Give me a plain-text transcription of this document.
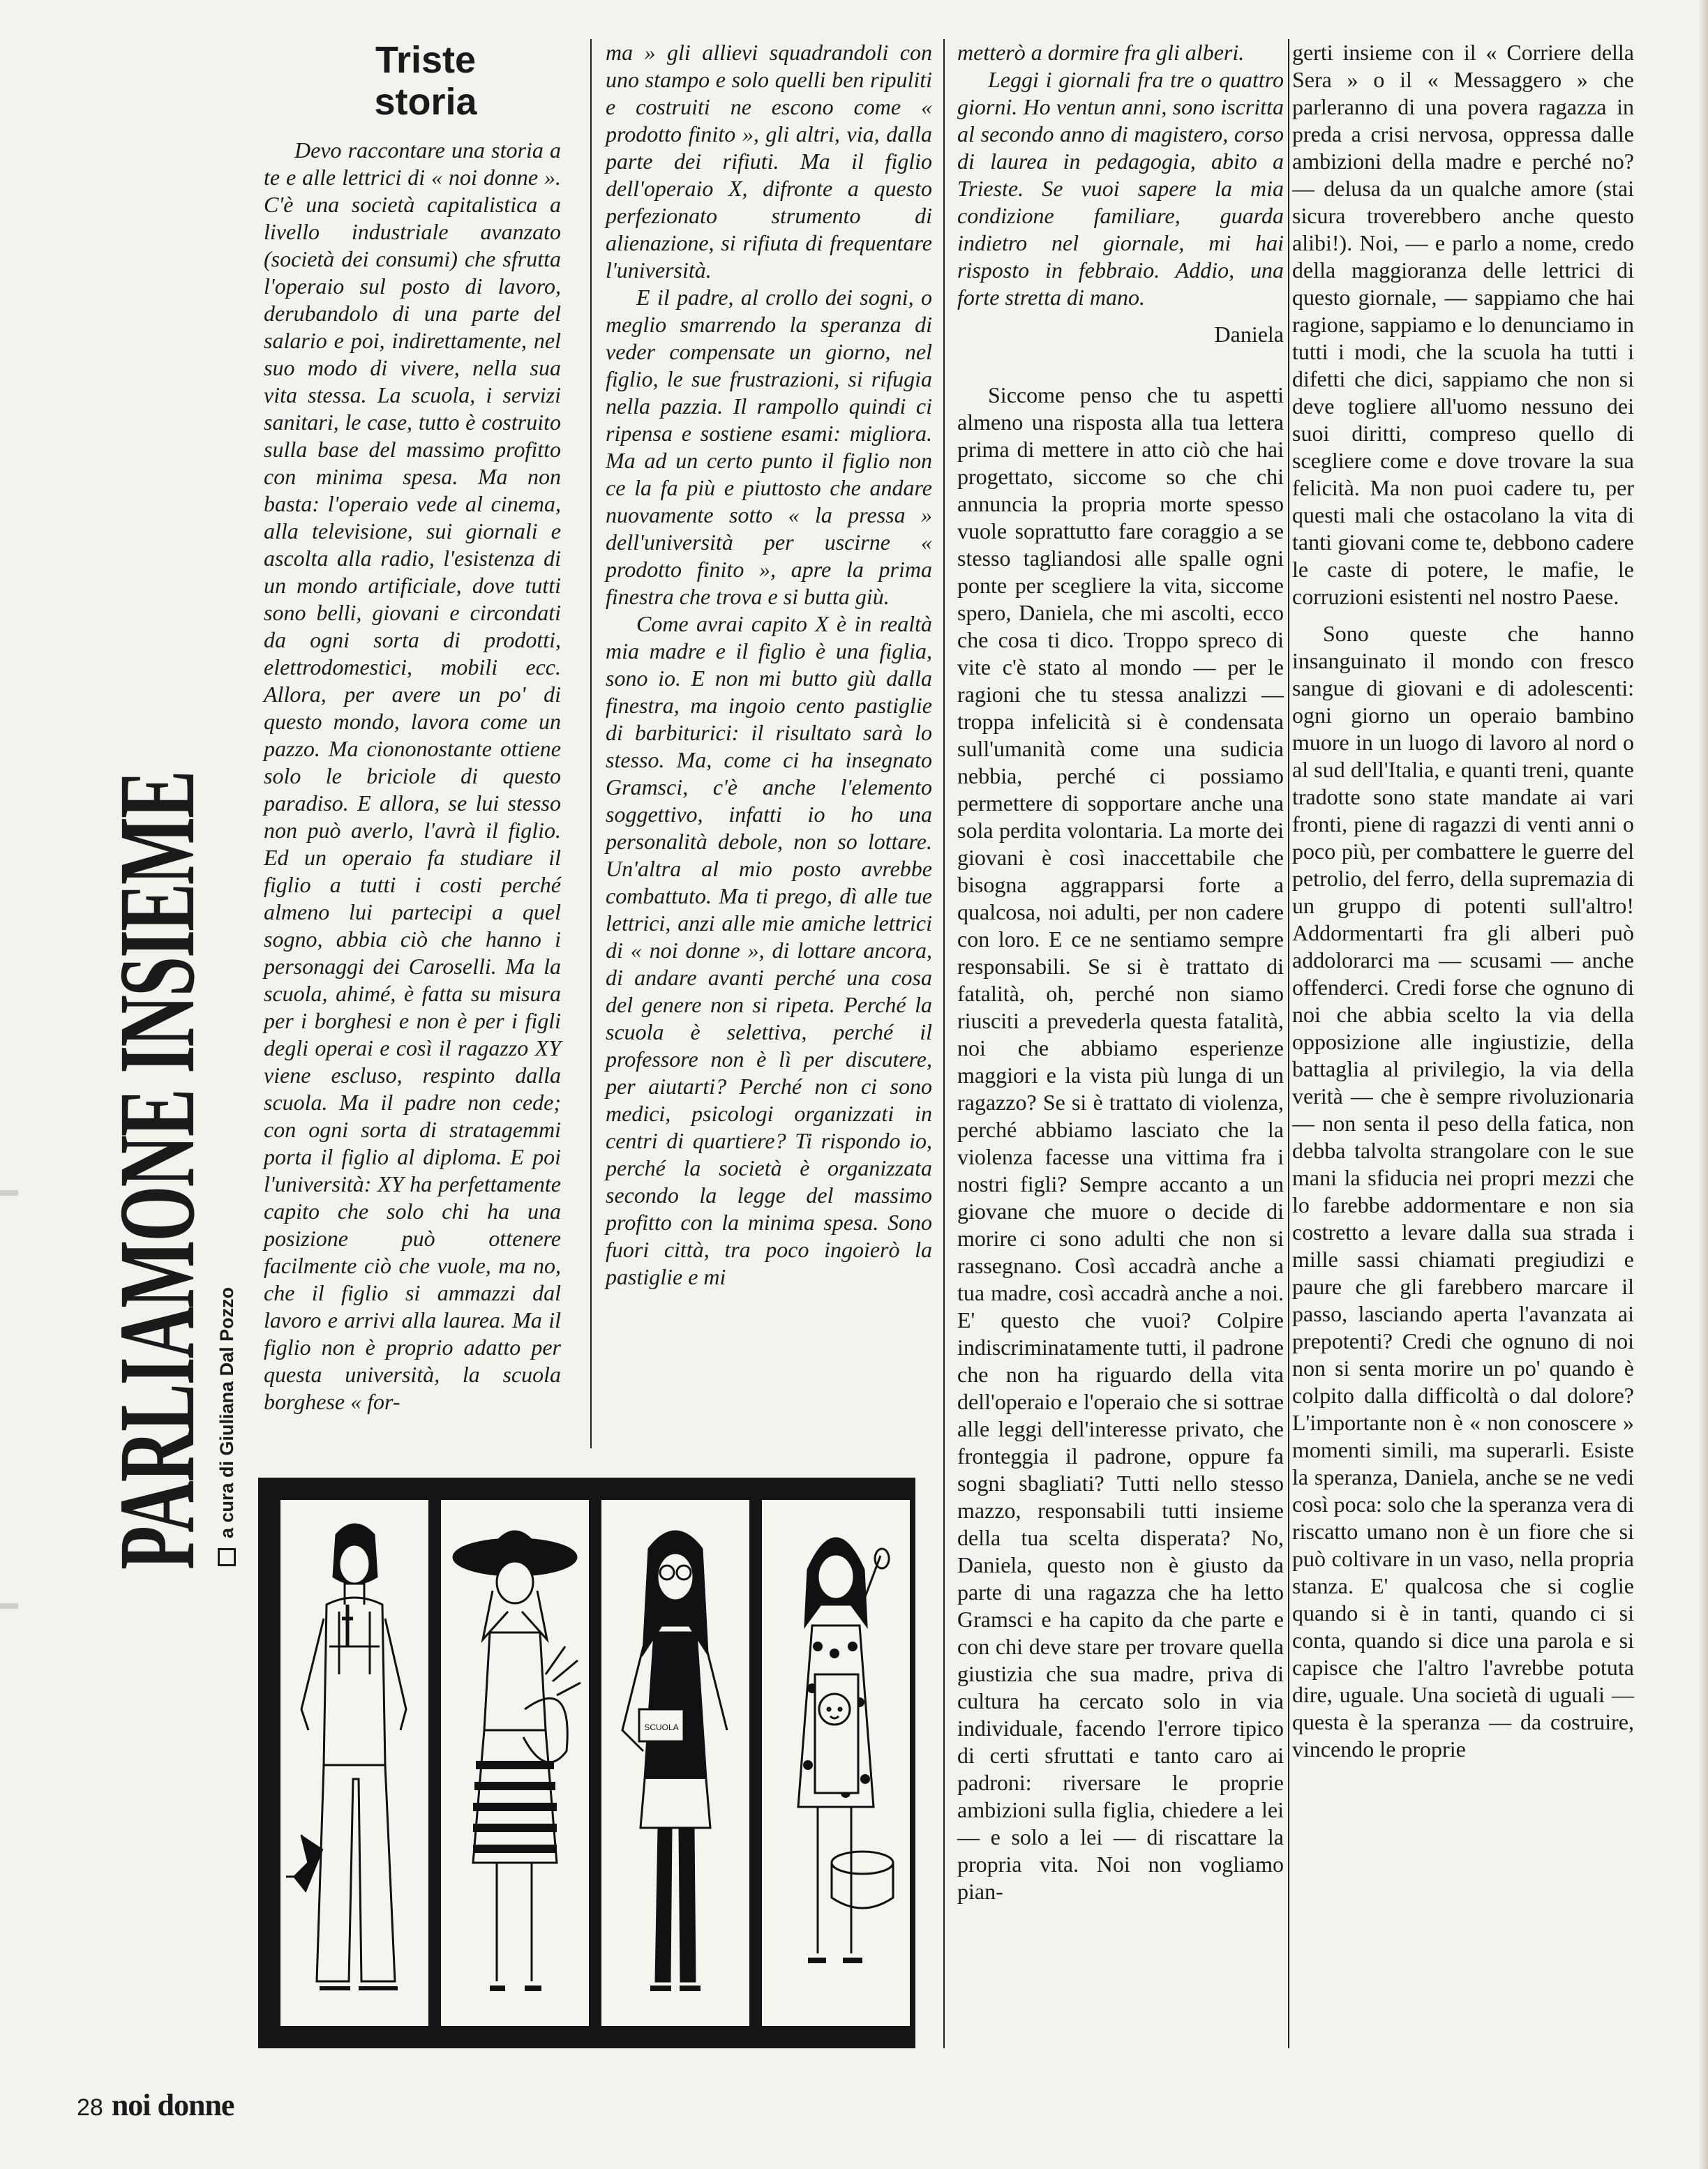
PARLIAMONE INSIEME
a cura di Giuliana Dal Pozzo
Triste
storia

Devo raccontare una storia a te e alle lettrici di « noi donne ». C'è una società capitalistica a livello industriale avanzato (società dei consumi) che sfrutta l'operaio sul posto di lavoro, derubandolo di una parte del salario e poi, indirettamente, nel suo modo di vivere, nella sua vita stessa. La scuola, i servizi sanitari, le case, tutto è costruito sulla base del massimo profitto con minima spesa. Ma non basta: l'operaio vede al cinema, alla televisione, sui giornali e ascolta alla radio, l'esistenza di un mondo artificiale, dove tutti sono belli, giovani e circondati da ogni sorta di prodotti, elettrodomestici, mobili ecc. Allora, per avere un po' di questo mondo, lavora come un pazzo. Ma ciononostante ottiene solo le briciole di questo paradiso. E allora, se lui stesso non può averlo, l'avrà il figlio. Ed un operaio fa studiare il figlio a tutti i costi perché almeno lui partecipi a quel sogno, abbia ciò che hanno i personaggi dei Caroselli. Ma la scuola, ahimé, è fatta su misura per i borghesi e non è per i figli degli operai e così il ragazzo XY viene escluso, respinto dalla scuola. Ma il padre non cede; con ogni sorta di stratagemmi porta il figlio al diploma. E poi l'università: XY ha perfettamente capito che solo chi ha una posizione può ottenere facilmente ciò che vuole, ma no, che il figlio si ammazzi dal lavoro e arrivi alla laurea. Ma il figlio non è proprio adatto per questa università, la scuola borghese « for-

ma » gli allievi squadrandoli con uno stampo e solo quelli ben ripuliti e costruiti ne escono come « prodotto finito », gli altri, via, dalla parte dei rifiuti. Ma il figlio dell'operaio X, difronte a questo perfezionato strumento di alienazione, si rifiuta di frequentare l'università.

E il padre, al crollo dei sogni, o meglio smarrendo la speranza di veder compensate un giorno, nel figlio, le sue frustrazioni, si rifugia nella pazzia. Il rampollo quindi ci ripensa e sostiene esami: migliora. Ma ad un certo punto il figlio non ce la fa più e piuttosto che andare nuovamente sotto « la pressa » dell'università per uscirne « prodotto finito », apre la prima finestra che trova e si butta giù.

Come avrai capito X è in realtà mia madre e il figlio è una figlia, sono io. E non mi butto giù dalla finestra, ma ingoio cento pastiglie di barbiturici: il risultato sarà lo stesso. Ma, come ci ha insegnato Gramsci, c'è anche l'elemento soggettivo, infatti io ho una personalità debole, non so lottare. Un'altra al mio posto avrebbe combattuto. Ma ti prego, dì alle tue lettrici, anzi alle mie amiche lettrici di « noi donne », di lottare ancora, di andare avanti perché una cosa del genere non si ripeta. Perché la scuola è selettiva, perché il professore non è lì per discutere, per aiutarti? Perché non ci sono medici, psicologi organizzati in centri di quartiere? Ti rispondo io, perché la società è organizzata secondo la legge del massimo profitto con la minima spesa. Sono fuori città, tra poco ingoierò la pastiglie e mi

metterò a dormire fra gli alberi.

Leggi i giornali fra tre o quattro giorni. Ho ventun anni, sono iscritta al secondo anno di magistero, corso di laurea in pedagogia, abito a Trieste. Se vuoi sapere la mia condizione familiare, guarda indietro nel giornale, mi hai risposto in febbraio. Addio, una forte stretta di mano.

Daniela

Siccome penso che tu aspetti almeno una risposta alla tua lettera prima di mettere in atto ciò che hai progettato, siccome so che chi annuncia la propria morte spesso vuole soprattutto fare coraggio a se stesso tagliandosi alle spalle ogni ponte per scegliere la vita, siccome spero, Daniela, che mi ascolti, ecco che cosa ti dico. Troppo spreco di vite c'è stato al mondo — per le ragioni che tu stessa analizzi — troppa infelicità si è condensata sull'umanità come una sudicia nebbia, perché ci possiamo permettere di sopportare anche una sola perdita volontaria. La morte dei giovani è così inaccettabile che bisogna aggrapparsi forte a qualcosa, noi adulti, per non cadere con loro. E ce ne sentiamo sempre responsabili. Se si è trattato di fatalità, oh, perché non siamo riusciti a prevederla questa fatalità, noi che abbiamo esperienze maggiori e la vista più lunga di un ragazzo? Se si è trattato di violenza, perché abbiamo lasciato che la violenza facesse una vittima fra i nostri figli? Sempre accanto a un giovane che muore o decide di morire ci sono adulti che non si rassegnano. Così accadrà anche a tua madre, così accadrà anche a noi. E' questo che vuoi? Colpire indiscriminatamente tutti, il padrone che non ha riguardo della vita dell'operaio e l'operaio che si sottrae alle leggi dell'interesse privato, che fronteggia il padrone, oppure fa sogni sbagliati? Tutti nello stesso mazzo, responsabili tutti insieme della tua scelta disperata? No, Daniela, questo non è giusto da parte di una ragazza che ha letto Gramsci e ha capito da che parte e con chi deve stare per trovare quella giustizia che sua madre, priva di cultura ha cercato solo in via individuale, facendo l'errore tipico di certi sfruttati e tanto caro ai padroni: riversare le proprie ambizioni sulla figlia, chiedere a lei — e solo a lei — di riscattare la propria vita. Noi non vogliamo pian-

gerti insieme con il « Corriere della Sera » o il « Messaggero » che parleranno di una povera ragazza in preda a crisi nervosa, oppressa dalle ambizioni della madre e perché no? — delusa da un qualche amore (stai sicura troverebbero anche questo alibi!). Noi, — e parlo a nome, credo della maggioranza delle lettrici di questo giornale, — sappiamo che hai ragione, sappiamo e lo denunciamo in tutti i modi, che la scuola ha tutti i difetti che dici, sappiamo che non si deve togliere all'uomo nessuno dei suoi diritti, compreso quello di scegliere come e dove trovare la sua felicità. Ma non puoi cadere tu, per questi mali che ostacolano la vita di tanti giovani come te, debbono cadere le caste di potere, le mafie, le corruzioni esistenti nel nostro Paese.

Sono queste che hanno insanguinato il mondo con fresco sangue di giovani e di adolescenti: ogni giorno un operaio bambino muore in un luogo di lavoro al nord o al sud dell'Italia, e quanti treni, quante tradotte sono state mandate ai vari fronti, piene di ragazzi di venti anni o poco più, per combattere le guerre del petrolio, del ferro, della supremazia di un gruppo di potenti sull'altro! Addormentarti fra gli alberi può addolorarci ma — scusami — anche offenderci. Credi forse che ognuno di noi che abbia scelto la via della opposizione alle ingiustizie, della battaglia al privilegio, la via della verità — che è sempre rivoluzionaria — non senta il peso della fatica, non debba talvolta strangolare con le sue mani la sfiducia nei propri mezzi che lo farebbe addormentare e non sia costretto a levare dalla sua strada i mille sassi chiamati pregiudizi e paure che gli farebbero marcare il passo, lasciando aperta l'avanzata ai prepotenti? Credi che ognuno di noi non si senta morire un po' quando è colpito dalla difficoltà o dal dolore? L'importante non è « non conoscere » momenti simili, ma superarli. Esiste la speranza, Daniela, anche se ne vedi così poca: solo che la speranza vera di riscatto umano non è un fiore che si può coltivare in un vaso, nella propria stanza. E' qualcosa che si coglie quando si è in tanti, quando ci si conta, quando si dice una parola e si capisce che l'altro l'avrebbe potuta dire, uguale. Una società di uguali — questa è la speranza — da costruire, vincendo le proprie

SCUOLA
28 noi donne
